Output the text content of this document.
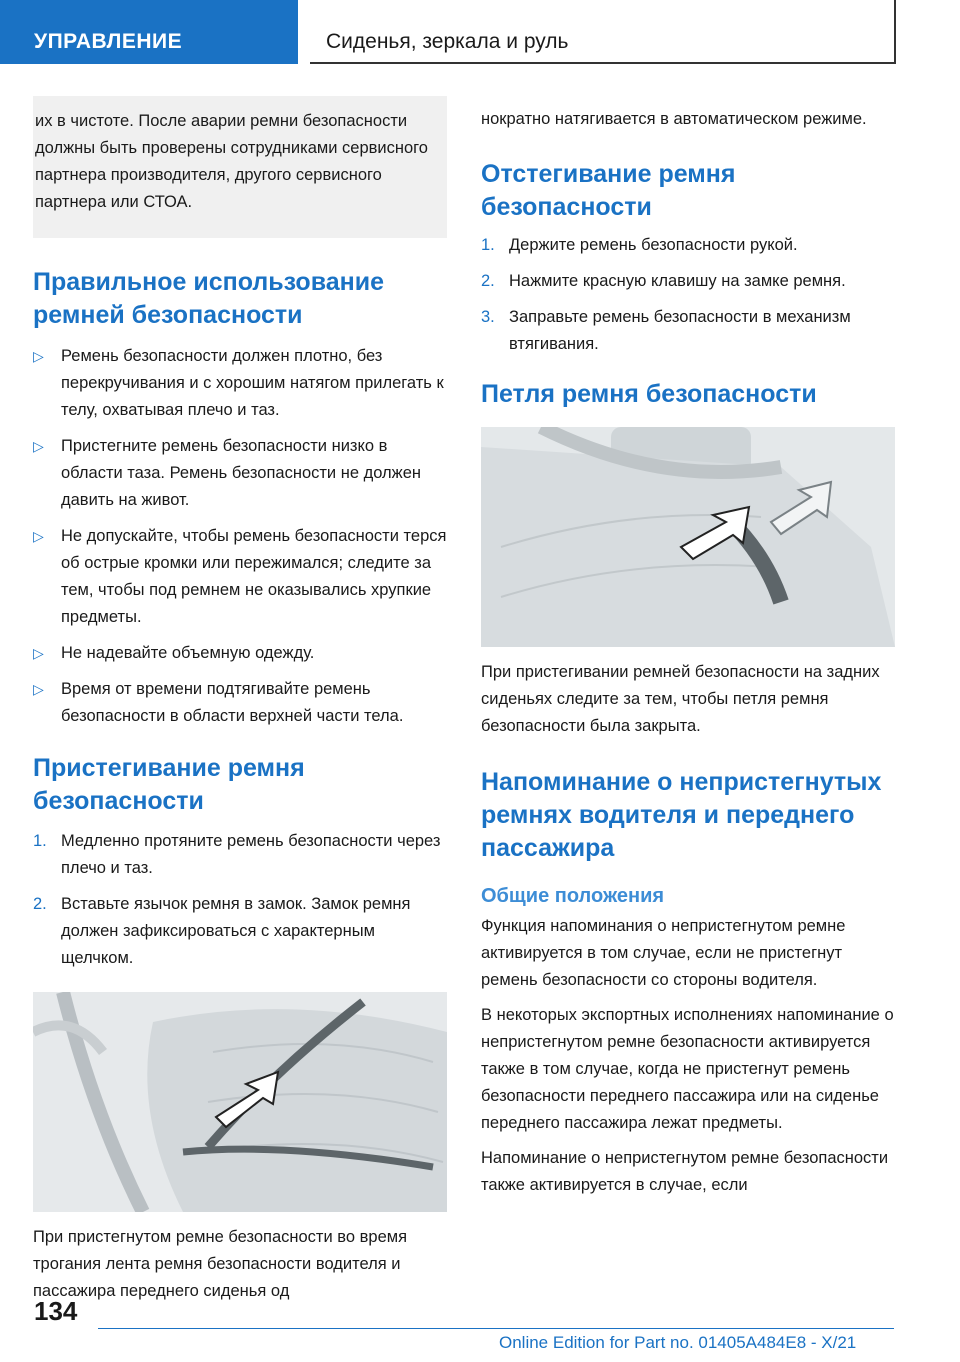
УПРАВЛЕНИЕ	Сиденья, зеркала и руль

их в чистоте. После аварии ремни безопасности должны быть проверены сотрудниками сервисного партнера производителя, другого сервисного партнера или СТОА.

Правильное использование ремней безопасности
▷ Ремень безопасности должен плотно, без перекручивания и с хорошим натягом прилегать к телу, охватывая плечо и таз.
▷ Пристегните ремень безопасности низко в области таза. Ремень безопасности не должен давить на живот.
▷ Не допускайте, чтобы ремень безопасности терся об острые кромки или пережимался; следите за тем, чтобы под ремнем не оказывались хрупкие предметы.
▷ Не надевайте объемную одежду.
▷ Время от времени подтягивайте ремень безопасности в области верхней части тела.
Пристегивание ремня безопасности
1. Медленно протяните ремень безопасности через плечо и таз.
2. Вставьте язычок ремня в замок. Замок ремня должен зафиксироваться с характерным щелчком.

При пристегнутом ремне безопасности во время трогания лента ремня безопасности водителя и пассажира переднего сиденья од

нократно натягивается в автоматическом режиме.

Отстегивание ремня безопасности
1. Держите ремень безопасности рукой.
2. Нажмите красную клавишу на замке ремня.
3. Заправьте ремень безопасности в механизм втягивания.
Петля ремня безопасности

При пристегивании ремней безопасности на задних сиденьях следите за тем, чтобы петля ремня безопасности была закрыта.

Напоминание о непристегнутых ремнях водителя и переднего пассажира
Общие положения

Функция напоминания о непристегнутом ремне активируется в том случае, если не пристегнут ремень безопасности со стороны водителя.

В некоторых экспортных исполнениях напоминание о непристегнутом ремне безопасности активируется также в том случае, когда не пристегнут ремень безопасности переднего пассажира или на сиденье переднего пассажира лежат предметы.

Напоминание о непристегнутом ремне безопасности также активируется в случае, если

134
Online Edition for Part no. 01405A484E8 - X/21
